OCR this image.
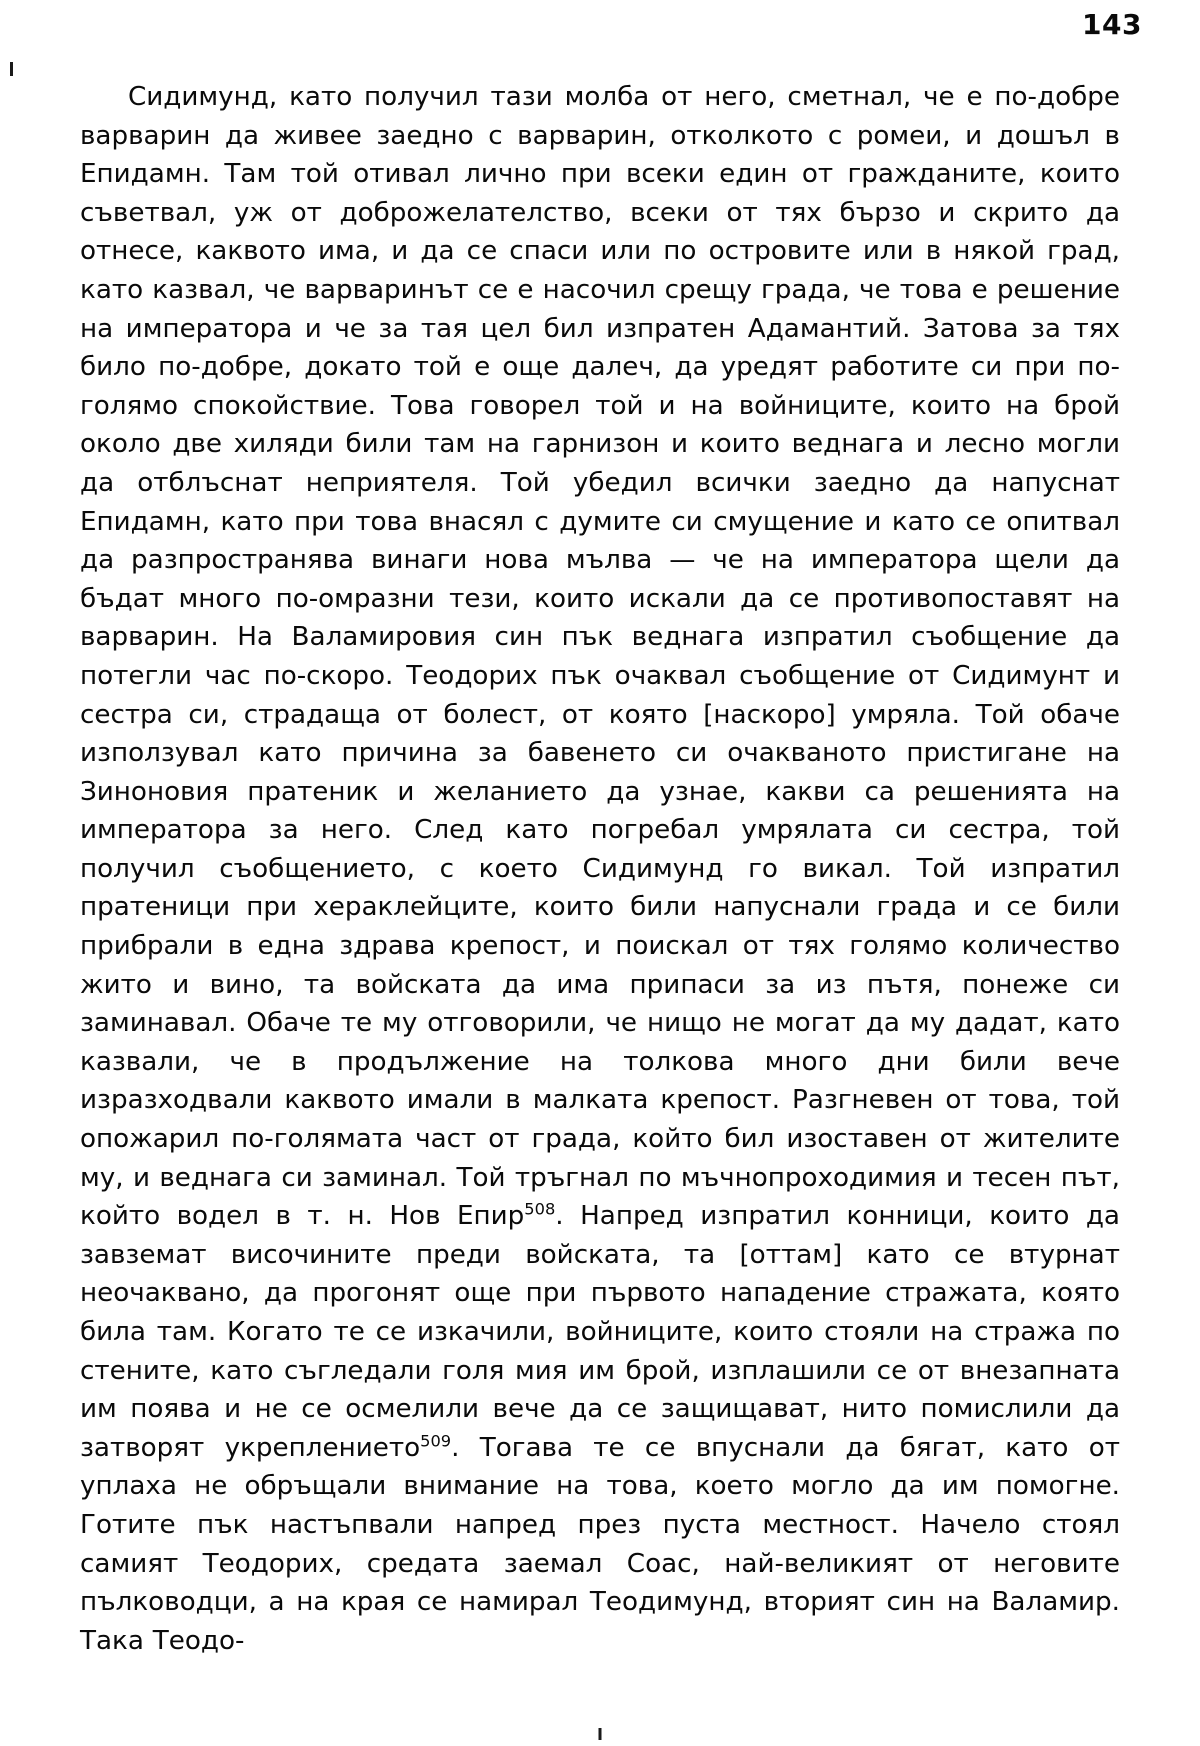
143

Сидимунд, като получил тази молба от него, сметнал, че е по-добре варварин да живее заедно с варварин, отколкото с ромеи, и дошъл в Епидамн. Там той отивал лично при всеки един от гражданите, които съветвал, уж от доброжелателство, всеки от тях бързо и скрито да отнесе, каквото има, и да се спаси или по островите или в някой град, като казвал, че варваринът се е насочил срещу града, че това е решение на императора и че за тая цел бил изпратен Адамантий. Затова за тях било по-добре, докато той е още далеч, да уредят работите си при по-голямо спокойствие. Това говорел той и на войниците, които на брой около две хиляди били там на гарнизон и които веднага и лесно могли да отблъснат неприятеля. Той убедил всички заедно да напуснат Епидамн, като при това внасял с думите си смущение и като се опитвал да разпространява винаги нова мълва — че на императора щели да бъдат много по-омразни тези, които искали да се противопоставят на варварин. На Валамировия син пък веднага изпратил съобщение да потегли час по-скоро. Теодорих пък очаквал съобщение от Сидимунт и сестра си, страдаща от болест, от която [наскоро] умряла. Той обаче използувал като причина за бавенето си очакваното пристигане на Зиноновия пратеник и желанието да узнае, какви са решенията на императора за него. След като погребал умрялата си сестра, той получил съобщението, с което Сидимунд го викал. Той изпратил пратеници при хераклейците, които били напуснали града и се били прибрали в една здрава крепост, и поискал от тях голямо количество жито и вино, та войската да има припаси за из пътя, понеже си заминавал. Обаче те му отговорили, че нищо не могат да му дадат, като казвали, че в продължение на толкова много дни били вече изразходвали каквото имали в малката крепост. Разгневен от това, той опожарил по-голямата част от града, който бил изоставен от жителите му, и веднага си заминал. Той тръгнал по мъчнопроходимия и тесен път, който водел в т. н. Нов Епир$^{508}$. Напред изпратил конници, които да завземат височините преди войската, та [оттам] като се втурнат неочаквано, да прогонят още при първото нападение стражата, която била там. Когато те се изкачили, войниците, които стояли на стража по стените, като съгледали голя мия им брой, изплашили се от внезапната им поява и не се осмелили вече да се защищават, нито помислили да затворят укреплението$^{509}$. Тогава те се впуснали да бягат, като от уплаха не обръщали внимание на това, което могло да им помогне. Готите пък настъпвали напред през пуста местност. Начело стоял самият Теодорих, средата заемал Соас, най-великият от неговите пълководци, а на края се намирал Теодимунд, вторият син на Валамир. Така Теодо-
